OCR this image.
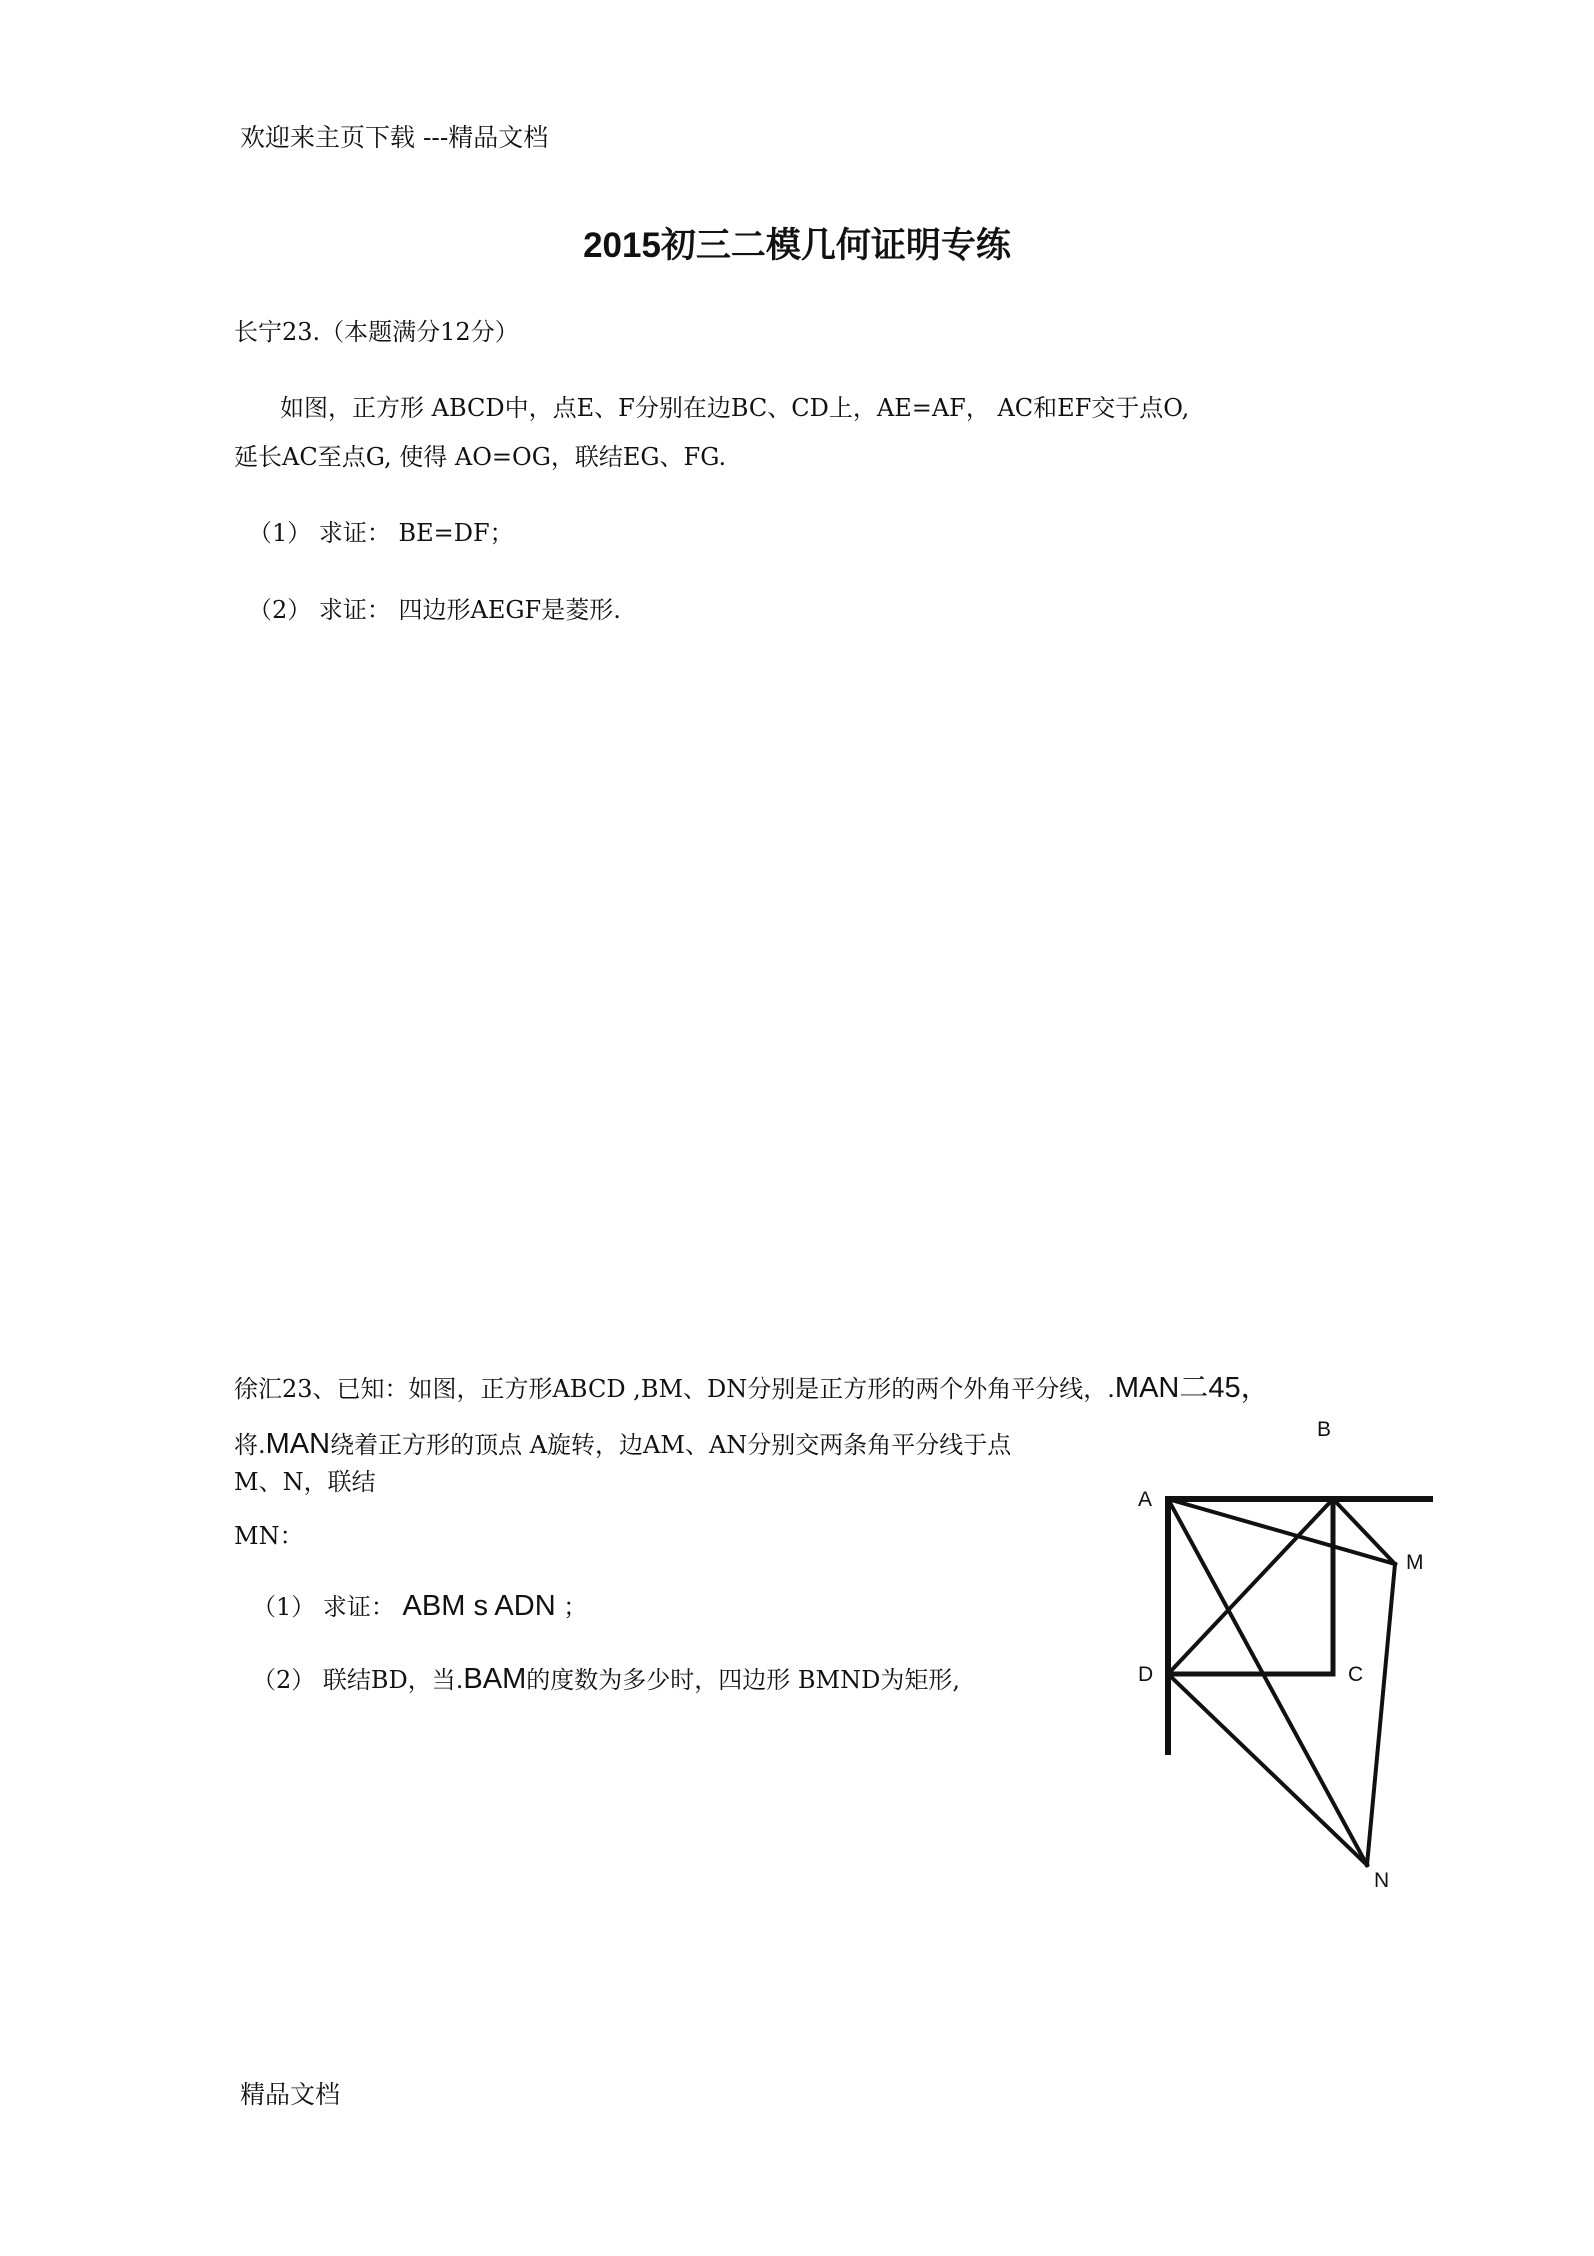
欢迎来主页下载 ---精品文档
2015初三二模几何证明专练
长宁23.（本题满分12分）
如图，正方形 ABCD中，点E、F分别在边BC、CD上，AE=AF， AC和EF交于点O,
延长AC至点G, 使得 AO=OG，联结EG、FG.
（1） 求证： BE=DF；
（2） 求证： 四边形AEGF是菱形.
徐汇23、已知：如图，正方形ABCD ,BM、DN分别是正方形的两个外角平分线，.MAN二45，
将.MAN绕着正方形的顶点 A旋转，边AM、AN分别交两条角平分线于点
M、N，联结
MN：
（1） 求证： ABM s ADN ；
（2） 联结BD，当.BAM的度数为多少时，四边形 BMND为矩形,
B
A
M
D	C
N
精品文档
